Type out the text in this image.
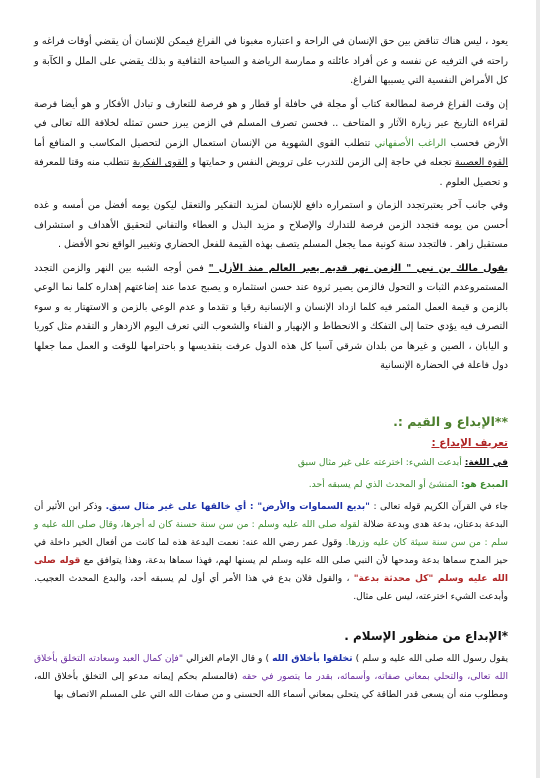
يعود ، ليس هناك تناقض بين حق الإنسان في الراحة و اعتباره مغبونا في الفراغ فيمكن للإنسان أن يقضي أوقات فراغه و راحته في الترفيه عن نفسه و عن أفراد عائلته و ممارسة الرياضة و السياحة الثقافية و بذلك يقضي على الملل و الكآبة و كل الأمراض النفسية التي يسببها الفراغ.

إن وقت الفراغ فرصة لمطالعة كتاب أو مجلة في حافلة أو قطار و هو فرصة للتعارف و تبادل الأفكار و هو أيضا فرصة لقراءة التاريخ عبر زيارة الآثار و المتاحف .. فحسن تصرف المسلم في الزمن يبرز حسن تمثله لخلافة الله تعالى في الأرض فحسب الراغب الأصفهاني تتطلب القوى الشهوية من الإنسان استعمال الزمن لتحصيل المكاسب و المنافع أما القوة العصبية تجعله في حاجة إلى الزمن للتدرب على ترويض النفس و حمايتها و القوى الفكرية تتطلب منه وقتا للمعرفة و تحصيل العلوم .

وفي جانب آخر يعتبرتجدد الزمان و استمراره دافع للإنسان لمزيد التفكير والتعقل ليكون يومه أفضل من أمسه و غده أحسن من يومه فتجدد الزمن فرصة للتدارك والإصلاح و مزيد البذل و العطاء والتفاني لتحقيق الأهداف و استشراف مستقبل زاهر . فالتجدد سنة كونية مما يجعل المسلم يتصف بهذه القيمة للفعل الحضاري وتغيير الواقع نحو الأفضل .

يقول مالك بن نبي " الزمن نهر قديم يعبر العالم منذ الأزل " فمن أوجه الشبه بين النهر والزمن التجدد المستمروعدم الثبات و التحول فالزمن يصير ثروة عند حسن استثماره و يصبح عدما عند إضاعتهم إهداره كلما نما الوعي بالزمن و قيمة العمل المثمر فيه كلما ازداد الإنسان و الإنسانية رقيا و تقدما و عدم الوعي بالزمن و الاستهتار به و سوء التصرف فيه يؤدي حتما إلى التفكك و الانحطاط و الإنهيار و الفناء والشعوب التي تعرف اليوم الازدهار و التقدم مثل كوريا و اليابان ، الصين و غيرها من بلدان شرقي آسيا كل هذه الدول عرفت بتقديسها و باحترامها للوقت و العمل مما جعلها دول فاعلة في الحضارة الإنسانية

**الإبداع و القيم :.
تعريف الإبداع :

في اللغة: أبدعت الشيء: اخترعته على غير مثال سبق

المبدع هو: المنشئ أو المحدث الذي لم يسبقه أحد.

جاء في القرآن الكريم قوله تعالى : "بديع السماوات والأرض" : أي خالقها على غير مثال سبق. وذكر ابن الأثير أن البدعة بدعتان، بدعة هدى وبدعة ضلالة لقوله صلى الله عليه وسلم : من سن سنة حسنة كان له أجرها، وقال صلى الله عليه و سلم : من سن سنة سيئة كان عليه وزرها. وقول عمر رضي الله عنه: نعمت البدعة هذه لما كانت من أفعال الخير داخلة في حيز المدح سماها بدعة ومدحها لأن النبي صلى الله عليه وسلم لم يسنها لهم، فهذا سماها بدعة، وهذا يتوافق مع قوله صلى الله عليه وسلم "كل محدثة بدعة" ، والقول فلان بدع في هذا الأمر أي أول لم يسبقه أحد، والبدع المحدث العجيب. وأبدعت الشيء اخترعته، ليس على مثال.

*الإبداع من منظور الإسلام .

يقول رسول الله صلى الله عليه و سلم ) تخلقوا بأخلاق الله ) و قال الإمام الغزالي "فإن كمال العبد وسعادته التخلق بأخلاق الله تعالى، والتحلي بمعاني صفاته، وأسمائه، بقدر ما يتصور في حقه (فالمسلم بحكم إيمانه مدعو إلى التخلق بأخلاق الله، ومطلوب منه أن يسعى قدر الطاقة كي يتحلى بمعاني أسماء الله الحسنى و من صفات الله التي على المسلم الاتصاف بها
